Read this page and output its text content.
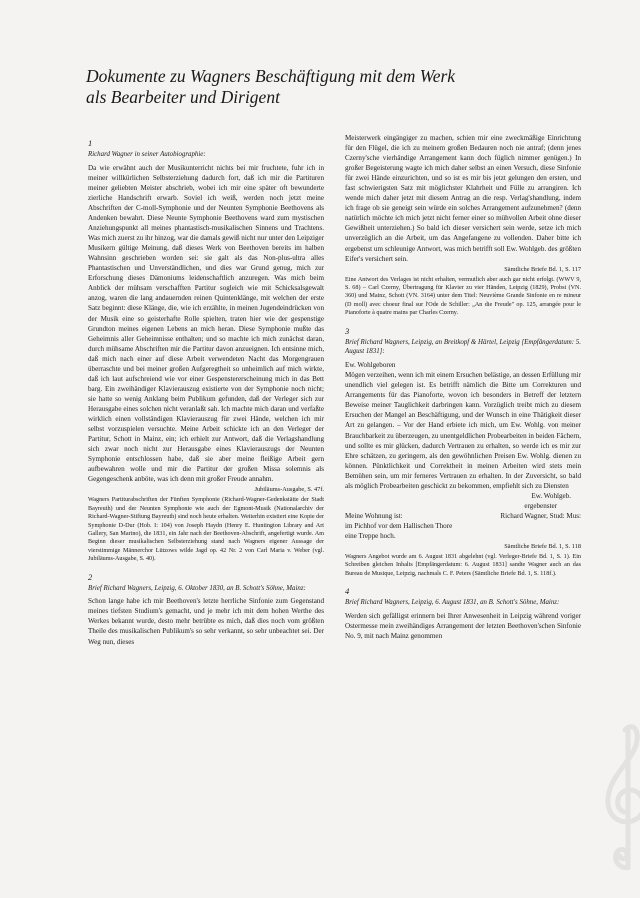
Dokumente zu Wagners Beschäftigung mit dem Werk
als Bearbeiter und Dirigent
1

Richard Wagner in seiner Autobiographie:

Da wie erwähnt auch der Musikunterricht nichts bei mir fruchtete, fuhr ich in meiner willkürlichen Selbsterziehung dadurch fort, daß ich mir die Partituren meiner geliebten Meister abschrieb, wobei ich mir eine später oft bewunderte zierliche Handschrift erwarb. Soviel ich weiß, werden noch jetzt meine Abschriften der C-moll-Symphonie und der Neunten Symphonie Beethovens als Andenken bewahrt. Diese Neunte Symphonie Beethovens ward zum mystischen Anziehungspunkt all meines phantastisch-musikalischen Sinnens und Trachtens. Was mich zuerst zu ihr hinzog, war die damals gewiß nicht nur unter den Leipziger Musikern gültige Meinung, daß dieses Werk von Beethoven bereits im halben Wahnsinn geschrieben worden sei: sie galt als das Non-plus-ultra alles Phantastischen und Unverständlichen, und dies war Grund genug, mich zur Erforschung dieses Dämoniums leidenschaftlich anzuregen. Was mich beim Anblick der mühsam verschafften Partitur sogleich wie mit Schicksalsgewalt anzog, waren die lang andauernden reinen Quintenklänge, mit welchen der erste Satz beginnt: diese Klänge, die, wie ich erzählte, in meinen Jugendeindrücken von der Musik eine so geisterhafte Rolle spielten, traten hier wie der gespenstige Grundton meines eigenen Lebens an mich heran. Diese Symphonie mußte das Geheimnis aller Geheimnisse enthalten; und so machte ich mich zunächst daran, durch mühsame Abschriften mir die Partitur davon anzueignen. Ich entsinne mich, daß mich nach einer auf diese Arbeit verwendeten Nacht das Morgengrauen überraschte und bei meiner großen Aufgeregtheit so unheimlich auf mich wirkte, daß ich laut aufschreiend wie vor einer Gespenstererscheinung mich in das Bett barg. Ein zweihändiger Klavierauszug existierte von der Symphonie noch nicht; sie hatte so wenig Anklang beim Publikum gefunden, daß der Verleger sich zur Herausgabe eines solchen nicht veranlaßt sah. Ich machte mich daran und verfaßte wirklich einen vollständigen Klavierauszug für zwei Hände, welchen ich mir selbst vorzuspielen versuchte. Meine Arbeit schickte ich an den Verleger der Partitur, Schott in Mainz, ein; ich erhielt zur Antwort, daß die Verlagshandlung sich zwar noch nicht zur Herausgabe eines Klavierauszugs der Neunten Symphonie entschlossen habe, daß sie aber meine fleißige Arbeit gern aufbewahren wolle und mir die Partitur der großen Missa solemnis als Gegengeschenk anböte, was ich denn mit großer Freude annahm.

Jubiläums-Ausgabe, S. 47f.

Wagners Partiturabschriften der Fünften Symphonie (Richard-Wagner-Gedenkstätte der Stadt Bayreuth) und der Neunten Symphonie wie auch der Egmont-Musik (Nationalarchiv der Richard-Wagner-Stiftung Bayreuth) sind noch heute erhalten. Weiterhin existiert eine Kopie der Symphonie D-Dur (Hob. I: 104) von Joseph Haydn (Henry E. Huntington Library and Art Gallery, San Marino), die 1831, ein Jahr nach der Beethoven-Abschrift, angefertigt wurde. Am Beginn dieser musikalischen Selbsterziehung stand nach Wagners eigener Aussage der vierstimmige Männerchor Lützows wilde Jagd op. 42 Nr. 2 von Carl Maria v. Weber (vgl. Jubiläums-Ausgabe, S. 40).

2

Brief Richard Wagners, Leipzig, 6. Oktober 1830, an B. Schott's Söhne, Mainz:

Schon lange habe ich mir Beethoven's letzte herrliche Sinfonie zum Gegenstand meines tiefsten Studium's gemacht, und je mehr ich mit dem hohen Werthe des Werkes bekannt wurde, desto mehr betrübte es mich, daß dies noch vom größten Theile des musikalischen Publikum's so sehr verkannt, so sehr unbeachtet sei. Der Weg nun, dieses

Meisterwerk eingängiger zu machen, schien mir eine zweckmäßige Einrichtung für den Flügel, die ich zu meinem großen Bedauren noch nie antraf; (denn jenes Czerny'sche vierhändige Arrangement kann doch füglich nimmer genügen.) In großer Begeisterung wagte ich mich daher selbst an einen Versuch, diese Sinfonie für zwei Hände einzurichten, und so ist es mir bis jetzt gelungen den ersten, und fast schwierigsten Satz mit möglichster Klahrheit und Fülle zu arrangiren. Ich wende mich daher jetzt mit diesem Antrag an die resp. Verlag'shandlung, indem ich frage ob sie geneigt sein würde ein solches Arrangement aufzunehmen? (denn natürlich möchte ich mich jetzt nicht ferner einer so mühvollen Arbeit ohne dieser Gewißheit unterziehen.) So bald ich dieser versichert sein werde, setze ich mich unverzüglich an die Arbeit, um das Angefangene zu vollenden. Daher bitte ich ergebenst um schleunige Antwort, was mich betrifft soll Ew. Wohlgeb. des größten Eifer's versichert sein.

Sämtliche Briefe Bd. 1, S. 117

Eine Antwort des Verlages ist nicht erhalten, vermutlich aber auch gar nicht erfolgt. (WWV 9, S. 68) – Carl Czerny, Übertragung für Klavier zu vier Händen, Leipzig (1829), Probst (VN. 360) und Mainz, Schott (VN. 3164) unter dem Titel: Neuvième Grande Sinfonie en re mineur (D moll) avec choeur final sur l'Ode de Schiller: „An die Freude" op. 125, arrangée pour le Pianoforte à quatre mains par Charles Czerny.

3

Brief Richard Wagners, Leipzig, an Breitkopf & Härtel, Leipzig [Empfängerdatum: 5. August 1831]:

Ew. Wohlgeboren

Mögen verzeihen, wenn ich mit einem Ersuchen belästige, an dessen Erfüllung mir unendlich viel gelegen ist. Es betrifft nämlich die Bitte um Correkturen und Arrangements für das Pianoforte, wovon ich besonders in Betreff der letztern Beweise meiner Tauglichkeit darbringen kann. Vorzüglich treibt mich zu diesem Ersuchen der Mangel an Beschäftigung, und der Wunsch in eine Thätigkeit dieser Art zu gelangen. – Vor der Hand erbiete ich mich, um Ew. Wohlg. von meiner Brauchbarkeit zu überzeugen, zu unentgeldlichen Probearbeiten in beiden Fächern, und sollte es mir glücken, dadurch Vertrauen zu erhalten, so werde ich es mir zur Ehre schätzen, zu geringern, als den gewöhnlichen Preisen Ew. Wohlg. dienen zu können. Pünktlichkeit und Correktheit in meinen Arbeiten wird stets mein Bemühen sein, um mir ferneres Vertrauen zu erhalten. In der Zuversicht, so bald als möglich Probearbeiten geschickt zu bekommen, empfiehlt sich zu Diensten

Ew. Wohlgeb.

ergebenster

Meine Wohnung ist:	Richard Wagner, Stud: Mus:

im Pichhof vor dem Hallischen Thore

eine Treppe hoch.

Sämtliche Briefe Bd. 1, S. 118

Wagners Angebot wurde am 6. August 1831 abgelehnt (vgl. Verleger-Briefe Bd. 1, S. 1). Ein Schreiben gleichen Inhalts [Empfängerdatum: 6. August 1831] sandte Wagner auch an das Bureau de Musique, Leipzig, nachmals C. F. Peters (Sämtliche Briefe Bd. 1, S. 118f.).

4

Brief Richard Wagners, Leipzig, 6. August 1831, an B. Schott's Söhne, Mainz:

Werden sich gefälligst erinnern bei Ihrer Anwesenheit in Leipzig während voriger Ostermesse mein zweihändiges Arrangement der letzten Beethoven'schen Sinfonie No. 9, mit nach Mainz genommen
